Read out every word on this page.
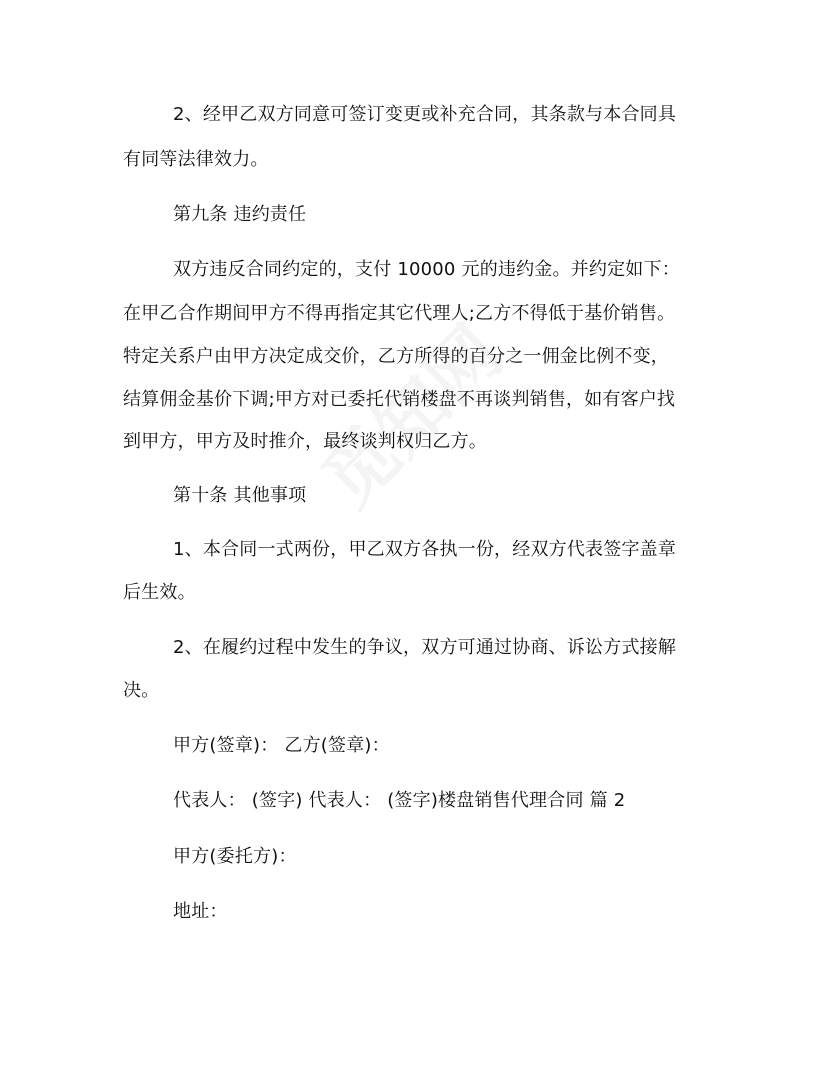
2、经甲乙双方同意可签订变更或补充合同，其条款与本合同具
有同等法律效力。
第九条 违约责任
双方违反合同约定的，支付 10000 元的违约金。并约定如下：
在甲乙合作期间甲方不得再指定其它代理人;乙方不得低于基价销售。
特定关系户由甲方决定成交价，乙方所得的百分之一佣金比例不变，
结算佣金基价下调;甲方对已委托代销楼盘不再谈判销售，如有客户找
到甲方，甲方及时推介，最终谈判权归乙方。
第十条 其他事项
1、本合同一式两份，甲乙双方各执一份，经双方代表签字盖章
后生效。
2、在履约过程中发生的争议，双方可通过协商、诉讼方式接解
决。
甲方(签章)： 乙方(签章)：
代表人： (签字) 代表人： (签字)楼盘销售代理合同 篇 2
甲方(委托方)：
地址：
